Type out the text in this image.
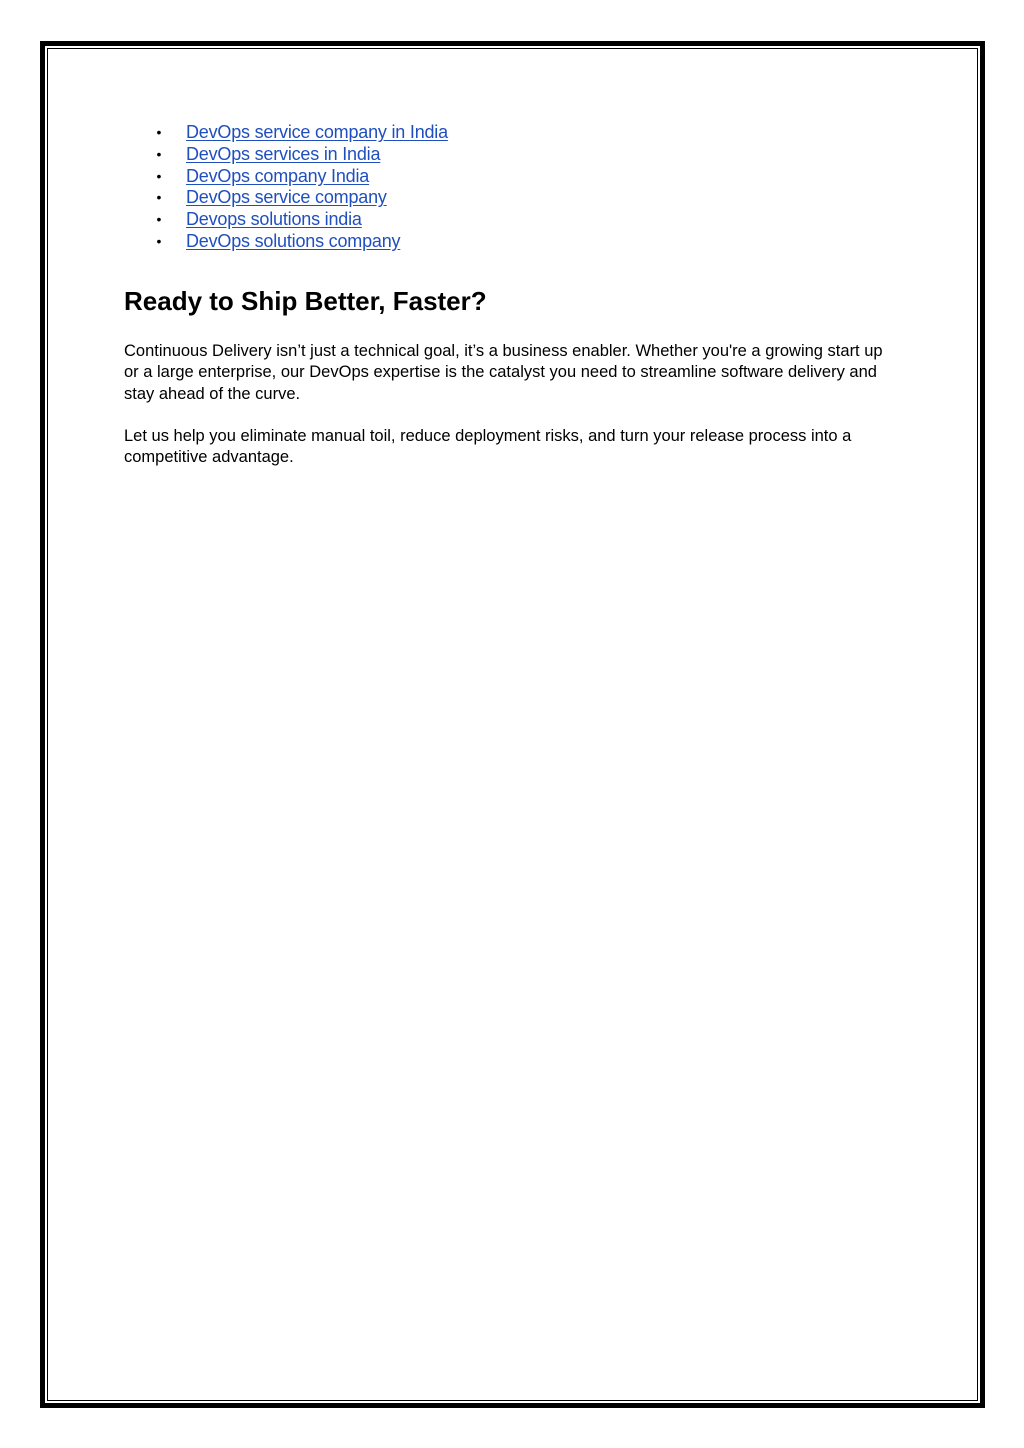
• DevOps service company in India
• DevOps services in India
• DevOps company India
• DevOps service company
• Devops solutions india
• DevOps solutions company
Ready to Ship Better, Faster?

Continuous Delivery isn’t just a technical goal, it’s a business enabler. Whether you're a growing start up or a large enterprise, our DevOps expertise is the catalyst you need to streamline software delivery and stay ahead of the curve.

Let us help you eliminate manual toil, reduce deployment risks, and turn your release process into a competitive advantage.
